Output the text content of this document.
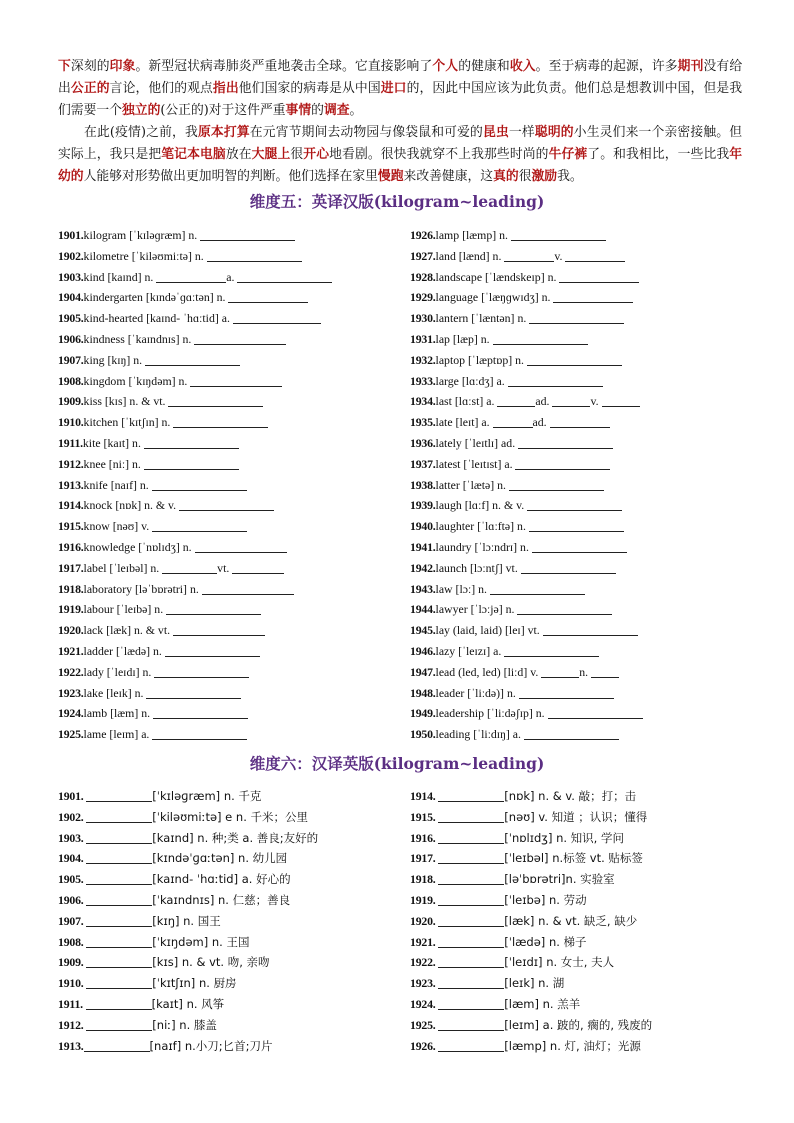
下深刻的印象。新型冠状病毒肺炎严重地袭击全球。它直接影响了个人的健康和收入。至于病毒的起源，许多期刊没有给出公正的言论，他们的观点指出他们国家的病毒是从中国进口的，因此中国应该为此负责。他们总是想教训中国，但是我们需要一个独立的(公正的)对于这件严重事情的调查。

在此(疫情)之前，我原本打算在元宵节期间去动物园与像袋鼠和可爱的昆虫一样聪明的小生灵们来一个亲密接触。但实际上，我只是把笔记本电脑放在大腿上很开心地看剧。很快我就穿不上我那些时尚的牛仔裤了。和我相比，一些比我年幼的人能够对形势做出更加明智的判断。他们选择在家里慢跑来改善健康，这真的很激励我。

维度五：英译汉版(kilogram~leading)
1901.kilogram [ˈkɪləɡræm] n.
1902.kilometre [ˈkiləʊmiːtə] n.
1903.kind [kaɪnd] n.	a.
1904.kindergarten [kɪndəˈɡɑːtən] n.
1905.kind-hearted [kaɪnd- ˈhɑːtid] a.
1906.kindness [ˈkaɪndnɪs] n.
1907.king [kɪŋ] n.
1908.kingdom [ˈkɪŋdəm] n.
1909.kiss [kɪs] n. & vt.
1910.kitchen [ˈkɪtʃɪn] n.
1911.kite [kaɪt] n.
1912.knee [niː] n.
1913.knife [naɪf] n.
1914.knock [nɒk] n. & v.
1915.know [nəʊ] v.
1916.knowledge [ˈnɒlɪdʒ] n.
1917.label [ˈleɪbəl] n.	vt.
1918.laboratory [ləˈbɒrətri] n.
1919.labour [ˈleɪbə] n.
1920.lack [læk] n. & vt.
1921.ladder [ˈlædə] n.
1922.lady [ˈleɪdɪ] n.
1923.lake [leɪk] n.
1924.lamb [læm] n.
1925.lame [leɪm] a.
1926.lamp [læmp] n.
1927.land [lænd] n.	v.
1928.landscape [ˈlændskeɪp] n.
1929.language [ˈlæŋɡwɪdʒ] n.
1930.lantern [ˈlæntən] n.
1931.lap [læp] n.
1932.laptop [ˈlæptɒp] n.
1933.large [lɑːdʒ] a.
1934.last [lɑːst] a.	ad.	v.
1935.late [leɪt] a.	ad.
1936.lately [ˈleɪtlɪ] ad.
1937.latest [ˈleɪtɪst] a.
1938.latter [ˈlætə] n.
1939.laugh [lɑːf] n. & v.
1940.laughter [ˈlɑːftə] n.
1941.laundry [ˈlɔːndrɪ] n.
1942.launch [lɔːntʃ] vt.
1943.law [lɔː] n.
1944.lawyer [ˈlɔːjə] n.
1945.lay (laid, laid) [leɪ] vt.
1946.lazy [ˈleɪzɪ] a.
1947.lead (led, led) [liːd] v.	n.
1948.leader [ˈliːdə)] n.
1949.leadership [ˈliːdəʃɪp] n.
1950.leading [ˈliːdɪŋ] a.
维度六：汉译英版(kilogram~leading)
1901.	[ˈkɪləɡræm] n. 千克
1902.	[ˈkiləʊmiːtə] e n. 千米；公里
1903.	[kaɪnd] n. 种;类 a. 善良;友好的
1904.	[kɪndəˈɡɑːtən] n. 幼儿园
1905.	[kaɪnd- ˈhɑːtid] a. 好心的
1906.	[ˈkaɪndnɪs] n. 仁慈；善良
1907.	[kɪŋ] n. 国王
1908.	[ˈkɪŋdəm] n. 王国
1909.	[kɪs] n. & vt. 吻, 亲吻
1910.	[ˈkɪtʃɪn] n. 厨房
1911.	[kaɪt] n. 风筝
1912.	[niː] n. 膝盖
1913.	[naɪf] n.小刀;匕首;刀片
1914.	[nɒk] n. & v. 敲；打；击
1915.	[nəʊ] v. 知道 ；认识；懂得
1916.	[ˈnɒlɪdʒ] n. 知识, 学问
1917.	[ˈleɪbəl] n.标签 vt. 贴标签
1918.	[ləˈbɒrətri]n. 实验室
1919.	[ˈleɪbə] n. 劳动
1920.	[læk] n. & vt. 缺乏, 缺少
1921.	[ˈlædə] n. 梯子
1922.	[ˈleɪdɪ] n. 女士, 夫人
1923.	[leɪk] n. 湖
1924.	[læm] n. 羔羊
1925.	[leɪm] a. 跛的, 瘸的, 残废的
1926.	[læmp] n. 灯, 油灯；光源
